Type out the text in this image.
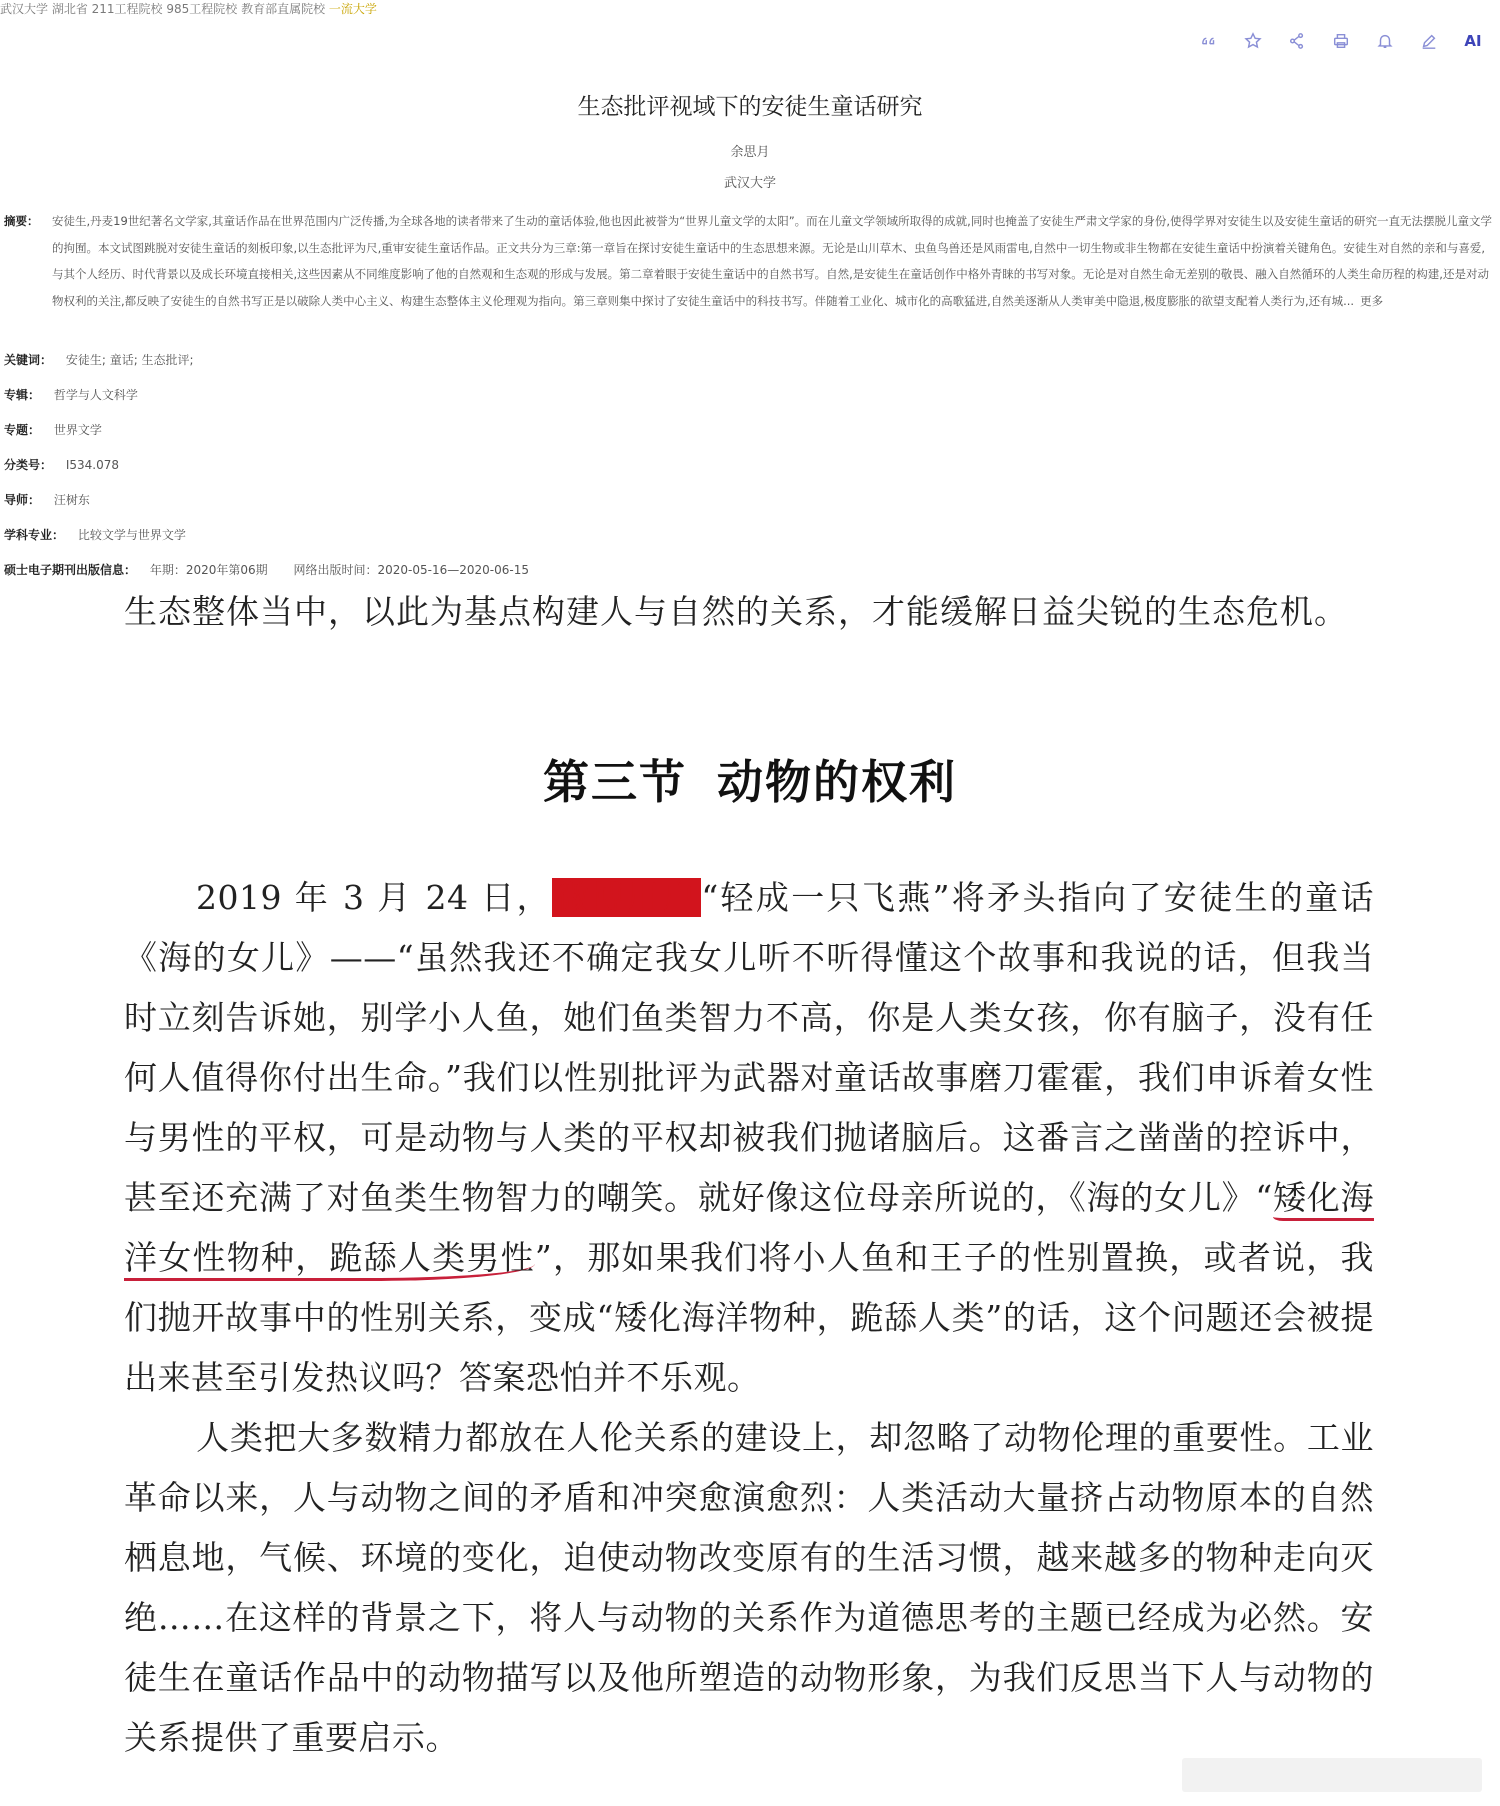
武汉大学 湖北省 211工程院校 985工程院校 教育部直属院校 一流大学
AI
生态批评视域下的安徒生童话研究
余思月
武汉大学
摘要：	安徒生,丹麦19世纪著名文学家,其童话作品在世界范围内广泛传播,为全球各地的读者带来了生动的童话体验,他也因此被誉为“世界儿童文学的太阳”。而在儿童文学领域所取得的成就,同时也掩盖了安徒生严肃文学家的身份,使得学界对安徒生以及安徒生童话的研究一直无法摆脱儿童文学的拘囿。本文试图跳脱对安徒生童话的刻板印象,以生态批评为尺,重审安徒生童话作品。正文共分为三章:第一章旨在探讨安徒生童话中的生态思想来源。无论是山川草木、虫鱼鸟兽还是风雨雷电,自然中一切生物或非生物都在安徒生童话中扮演着关键角色。安徒生对自然的亲和与喜爱,与其个人经历、时代背景以及成长环境直接相关,这些因素从不同维度影响了他的自然观和生态观的形成与发展。第二章着眼于安徒生童话中的自然书写。自然,是安徒生在童话创作中格外青睐的书写对象。无论是对自然生命无差别的敬畏、融入自然循环的人类生命历程的构建,还是对动物权利的关注,都反映了安徒生的自然书写正是以破除人类中心主义、构建生态整体主义伦理观为指向。第三章则集中探讨了安徒生童话中的科技书写。伴随着工业化、城市化的高歌猛进,自然美逐渐从人类审美中隐退,极度膨胀的欲望支配着人类行为,还有城... 更多
关键词： 安徒生; 童话; 生态批评;
专辑： 哲学与人文科学
专题： 世界文学
分类号： I534.078
导师： 汪树东
学科专业： 比较文学与世界文学
硕士电子期刊出版信息： 年期：2020年第06期 网络出版时间：2020-05-16—2020-06-15
生态整体当中，以此为基点构建人与自然的关系，才能缓解日益尖锐的生态危机。
第三节 动物的权利
2019 年 3 月 24 日， 微博用户 “轻成一只飞燕”将矛头指向了安徒生的童话《海的女儿》——“虽然我还不确定我女儿听不听得懂这个故事和我说的话，但我当时立刻告诉她，别学小人鱼，她们鱼类智力不高，你是人类女孩，你有脑子，没有任何人值得你付出生命。”我们以性别批评为武器对童话故事磨刀霍霍，我们申诉着女性与男性的平权，可是动物与人类的平权却被我们抛诸脑后。这番言之凿凿的控诉中，甚至还充满了对鱼类生物智力的嘲笑。就好像这位母亲所说的，《海的女儿》“矮化海洋女性物种，跪舔人类男性”，那如果我们将小人鱼和王子的性别置换，或者说，我们抛开故事中的性别关系，变成“矮化海洋物种，跪舔人类”的话，这个问题还会被提出来甚至引发热议吗？答案恐怕并不乐观。
人类把大多数精力都放在人伦关系的建设上，却忽略了动物伦理的重要性。工业革命以来，人与动物之间的矛盾和冲突愈演愈烈：人类活动大量挤占动物原本的自然栖息地，气候、环境的变化，迫使动物改变原有的生活习惯，越来越多的物种走向灭绝……在这样的背景之下，将人与动物的关系作为道德思考的主题已经成为必然。安徒生在童话作品中的动物描写以及他所塑造的动物形象，为我们反思当下人与动物的关系提供了重要启示。
